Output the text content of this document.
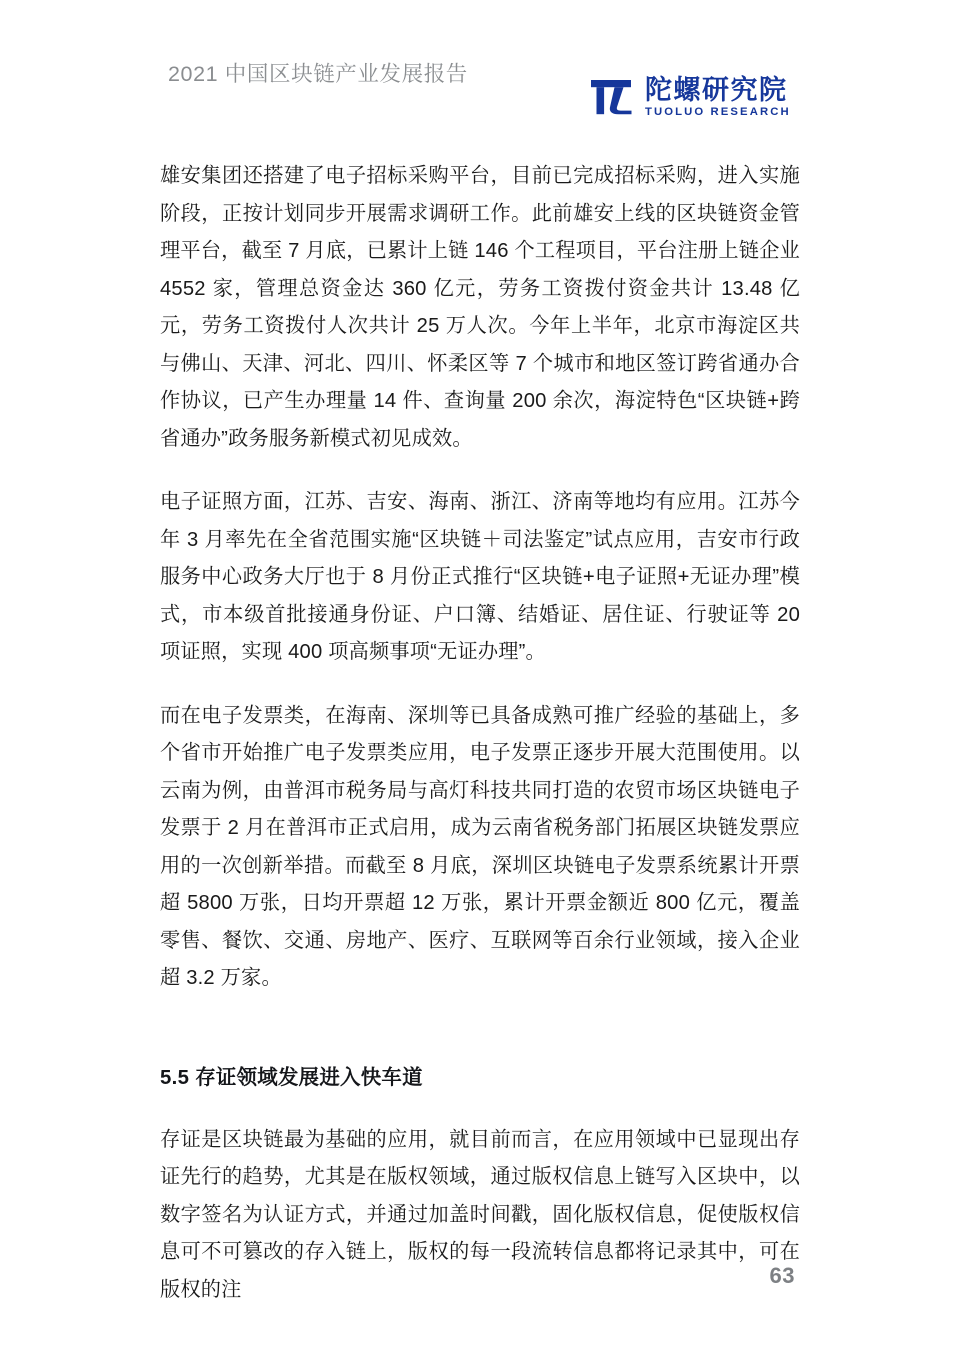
2021 中国区块链产业发展报告
陀螺研究院
TUOLUO RESEARCH

雄安集团还搭建了电子招标采购平台，目前已完成招标采购，进入实施阶段，正按计划同步开展需求调研工作。此前雄安上线的区块链资金管理平台，截至 7 月底，已累计上链 146 个工程项目，平台注册上链企业 4552 家，管理总资金达 360 亿元，劳务工资拨付资金共计 13.48 亿元，劳务工资拨付人次共计 25 万人次。今年上半年，北京市海淀区共与佛山、天津、河北、四川、怀柔区等 7 个城市和地区签订跨省通办合作协议，已产生办理量 14 件、查询量 200 余次，海淀特色“区块链+跨省通办”政务服务新模式初见成效。

电子证照方面，江苏、吉安、海南、浙江、济南等地均有应用。江苏今年 3 月率先在全省范围实施“区块链＋司法鉴定”试点应用，吉安市行政服务中心政务大厅也于 8 月份正式推行“区块链+电子证照+无证办理”模式，市本级首批接通身份证、户口簿、结婚证、居住证、行驶证等 20 项证照，实现 400 项高频事项“无证办理”。

而在电子发票类，在海南、深圳等已具备成熟可推广经验的基础上，多个省市开始推广电子发票类应用，电子发票正逐步开展大范围使用。以云南为例，由普洱市税务局与高灯科技共同打造的农贸市场区块链电子发票于 2 月在普洱市正式启用，成为云南省税务部门拓展区块链发票应用的一次创新举措。而截至 8 月底，深圳区块链电子发票系统累计开票超 5800 万张，日均开票超 12 万张，累计开票金额近 800 亿元，覆盖零售、餐饮、交通、房地产、医疗、互联网等百余行业领域，接入企业超 3.2 万家。

5.5 存证领域发展进入快车道

存证是区块链最为基础的应用，就目前而言，在应用领域中已显现出存证先行的趋势，尤其是在版权领域，通过版权信息上链写入区块中，以数字签名为认证方式，并通过加盖时间戳，固化版权信息，促使版权信息可不可篡改的存入链上，版权的每一段流转信息都将记录其中，可在版权的注

63
